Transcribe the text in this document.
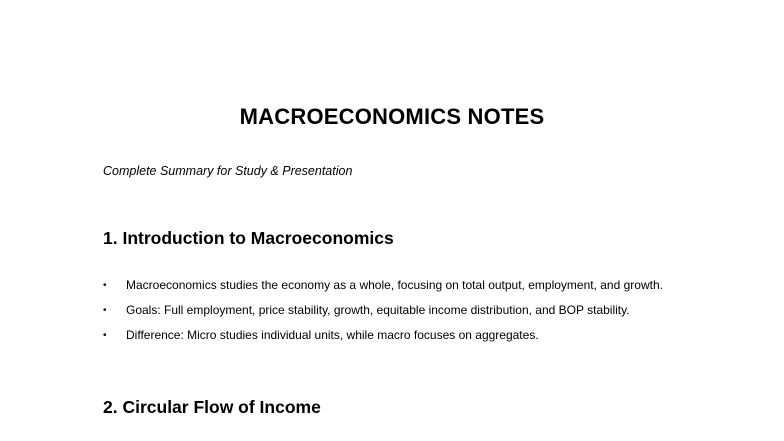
MACROECONOMICS NOTES

Complete Summary for Study & Presentation

1. Introduction to Macroeconomics
• Macroeconomics studies the economy as a whole, focusing on total output, employment, and growth.
• Goals: Full employment, price stability, growth, equitable income distribution, and BOP stability.
• Difference: Micro studies individual units, while macro focuses on aggregates.
2. Circular Flow of Income
